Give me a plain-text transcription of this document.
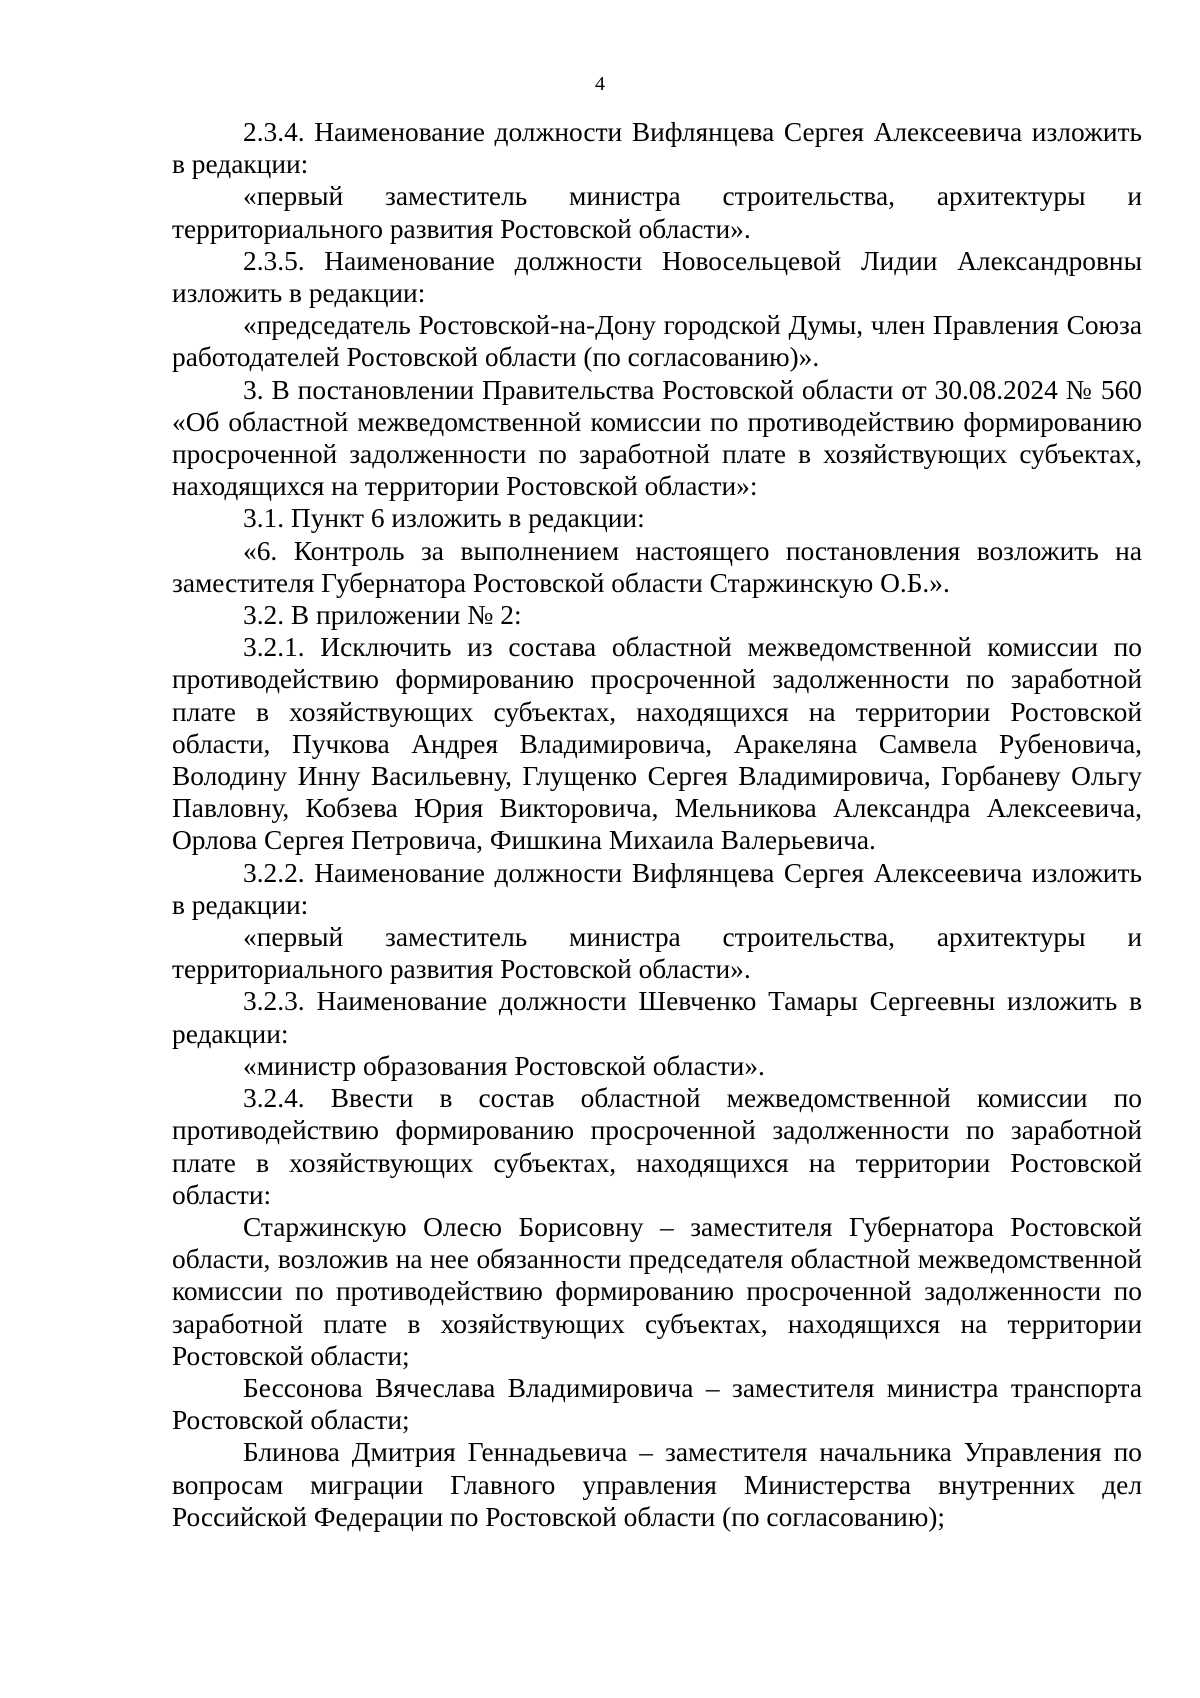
4

2.3.4. Наименование должности Вифлянцева Сергея Алексеевича изложить в редакции:

«первый заместитель министра строительства, архитектуры и территориального развития Ростовской области».

2.3.5. Наименование должности Новосельцевой Лидии Александровны изложить в редакции:

«председатель Ростовской-на-Дону городской Думы, член Правления Союза работодателей Ростовской области (по согласованию)».

3. В постановлении Правительства Ростовской области от 30.08.2024 № 560 «Об областной межведомственной комиссии по противодействию формированию просроченной задолженности по заработной плате в хозяйствующих субъектах, находящихся на территории Ростовской области»:

3.1. Пункт 6 изложить в редакции:

«6. Контроль за выполнением настоящего постановления возложить на заместителя Губернатора Ростовской области Старжинскую О.Б.».

3.2. В приложении № 2:

3.2.1. Исключить из состава областной межведомственной комиссии по противодействию формированию просроченной задолженности по заработной плате в хозяйствующих субъектах, находящихся на территории Ростовской области, Пучкова Андрея Владимировича, Аракеляна Самвела Рубеновича, Володину Инну Васильевну, Глущенко Сергея Владимировича, Горбаневу Ольгу Павловну, Кобзева Юрия Викторовича, Мельникова Александра Алексеевича, Орлова Сергея Петровича, Фишкина Михаила Валерьевича.

3.2.2. Наименование должности Вифлянцева Сергея Алексеевича изложить в редакции:

«первый заместитель министра строительства, архитектуры и территориального развития Ростовской области».

3.2.3. Наименование должности Шевченко Тамары Сергеевны изложить в редакции:

«министр образования Ростовской области».

3.2.4. Ввести в состав областной межведомственной комиссии по противодействию формированию просроченной задолженности по заработной плате в хозяйствующих субъектах, находящихся на территории Ростовской области:

Старжинскую Олесю Борисовну – заместителя Губернатора Ростовской области, возложив на нее обязанности председателя областной межведомственной комиссии по противодействию формированию просроченной задолженности по заработной плате в хозяйствующих субъектах, находящихся на территории Ростовской области;

Бессонова Вячеслава Владимировича – заместителя министра транспорта Ростовской области;

Блинова Дмитрия Геннадьевича – заместителя начальника Управления по вопросам миграции Главного управления Министерства внутренних дел Российской Федерации по Ростовской области (по согласованию);
